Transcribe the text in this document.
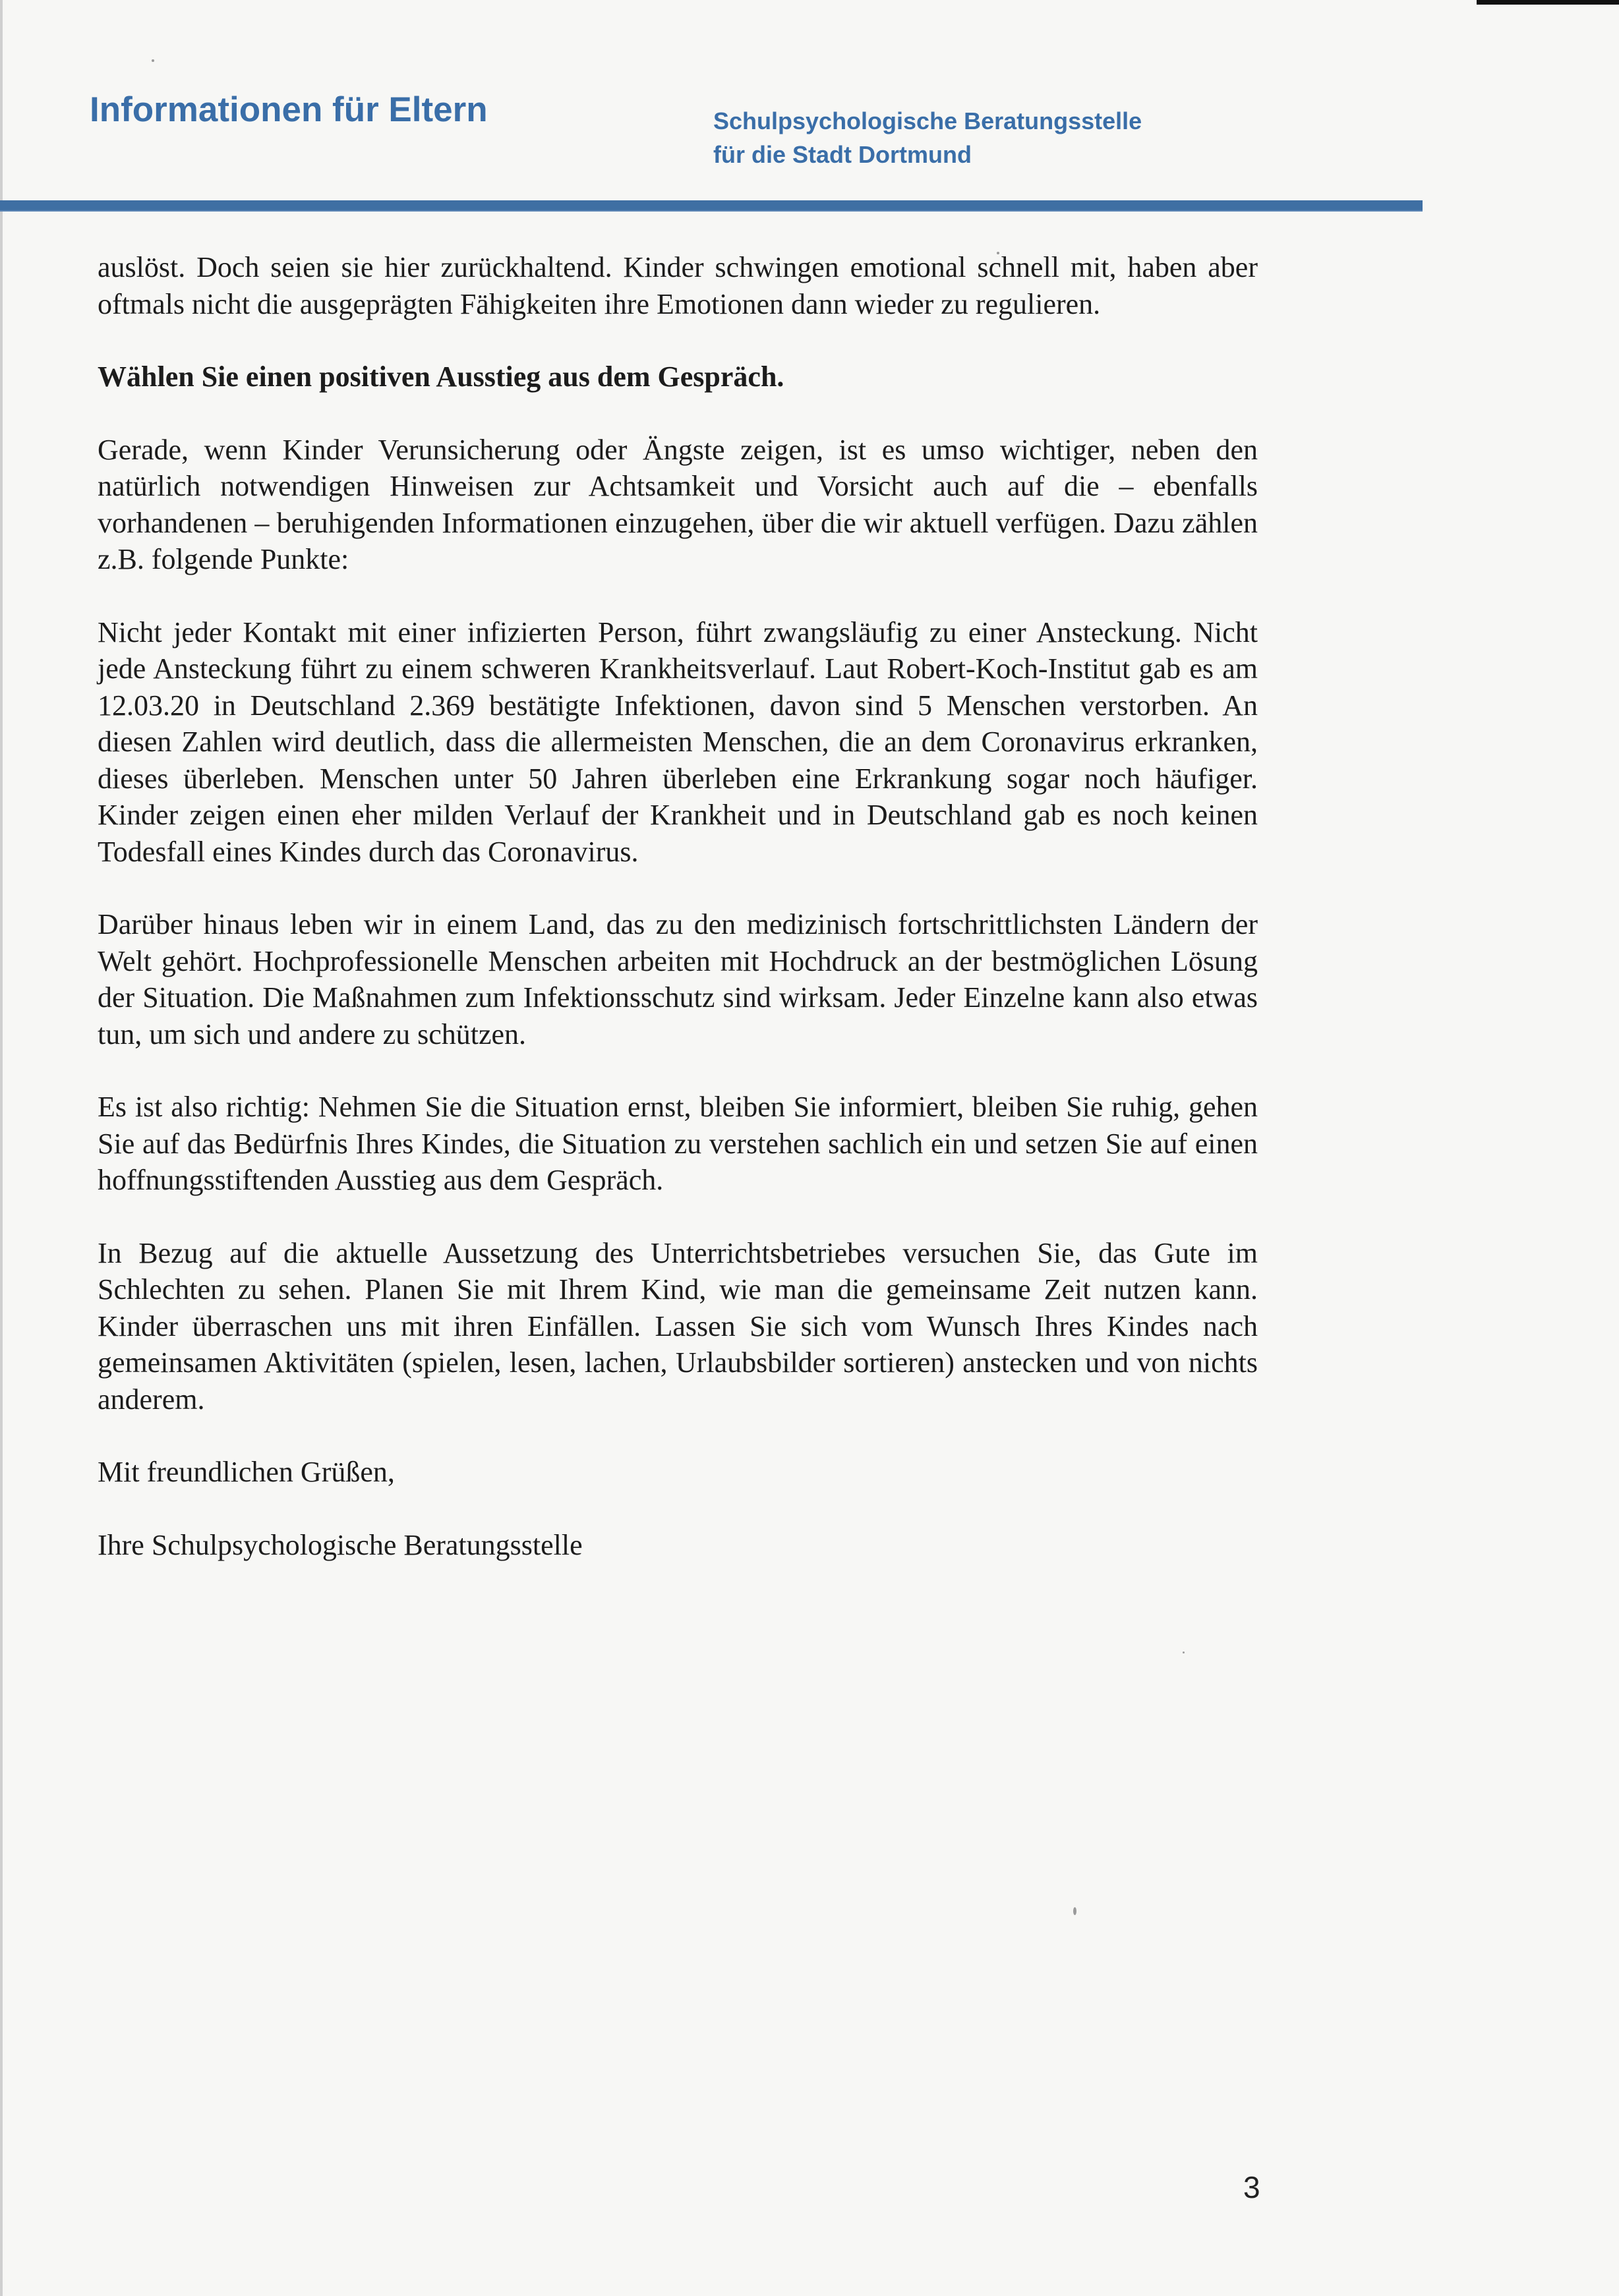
Informationen für Eltern	Schulpsychologische Beratungsstelle
für die Stadt Dortmund

auslöst. Doch seien sie hier zurückhaltend. Kinder schwingen emotional schnell mit, haben aber oftmals nicht die ausgeprägten Fähigkeiten ihre Emotionen dann wieder zu regulieren.

Wählen Sie einen positiven Ausstieg aus dem Gespräch.

Gerade, wenn Kinder Verunsicherung oder Ängste zeigen, ist es umso wichtiger, neben den natürlich notwendigen Hinweisen zur Achtsamkeit und Vorsicht auch auf die – ebenfalls vorhandenen – beruhigenden Informationen einzugehen, über die wir aktuell verfügen. Dazu zählen z.B. folgende Punkte:

Nicht jeder Kontakt mit einer infizierten Person, führt zwangsläufig zu einer Ansteckung. Nicht jede Ansteckung führt zu einem schweren Krankheitsverlauf. Laut Robert-Koch-Institut gab es am 12.03.20 in Deutschland 2.369 bestätigte Infektionen, davon sind 5 Menschen verstorben. An diesen Zahlen wird deutlich, dass die allermeisten Menschen, die an dem Coronavirus erkranken, dieses überleben. Menschen unter 50 Jahren überleben eine Erkrankung sogar noch häufiger. Kinder zeigen einen eher milden Verlauf der Krankheit und in Deutschland gab es noch keinen Todesfall eines Kindes durch das Coronavirus.

Darüber hinaus leben wir in einem Land, das zu den medizinisch fortschrittlichsten Ländern der Welt gehört. Hochprofessionelle Menschen arbeiten mit Hochdruck an der bestmöglichen Lösung der Situation. Die Maßnahmen zum Infektionsschutz sind wirksam. Jeder Einzelne kann also etwas tun, um sich und andere zu schützen.

Es ist also richtig: Nehmen Sie die Situation ernst, bleiben Sie informiert, bleiben Sie ruhig, gehen Sie auf das Bedürfnis Ihres Kindes, die Situation zu verstehen sachlich ein und setzen Sie auf einen hoffnungsstiftenden Ausstieg aus dem Gespräch.

In Bezug auf die aktuelle Aussetzung des Unterrichtsbetriebes versuchen Sie, das Gute im Schlechten zu sehen. Planen Sie mit Ihrem Kind, wie man die gemeinsame Zeit nutzen kann. Kinder überraschen uns mit ihren Einfällen. Lassen Sie sich vom Wunsch Ihres Kindes nach gemeinsamen Aktivitäten (spielen, lesen, lachen, Urlaubsbilder sortieren) anstecken und von nichts anderem.

Mit freundlichen Grüßen,

Ihre Schulpsychologische Beratungsstelle

3
